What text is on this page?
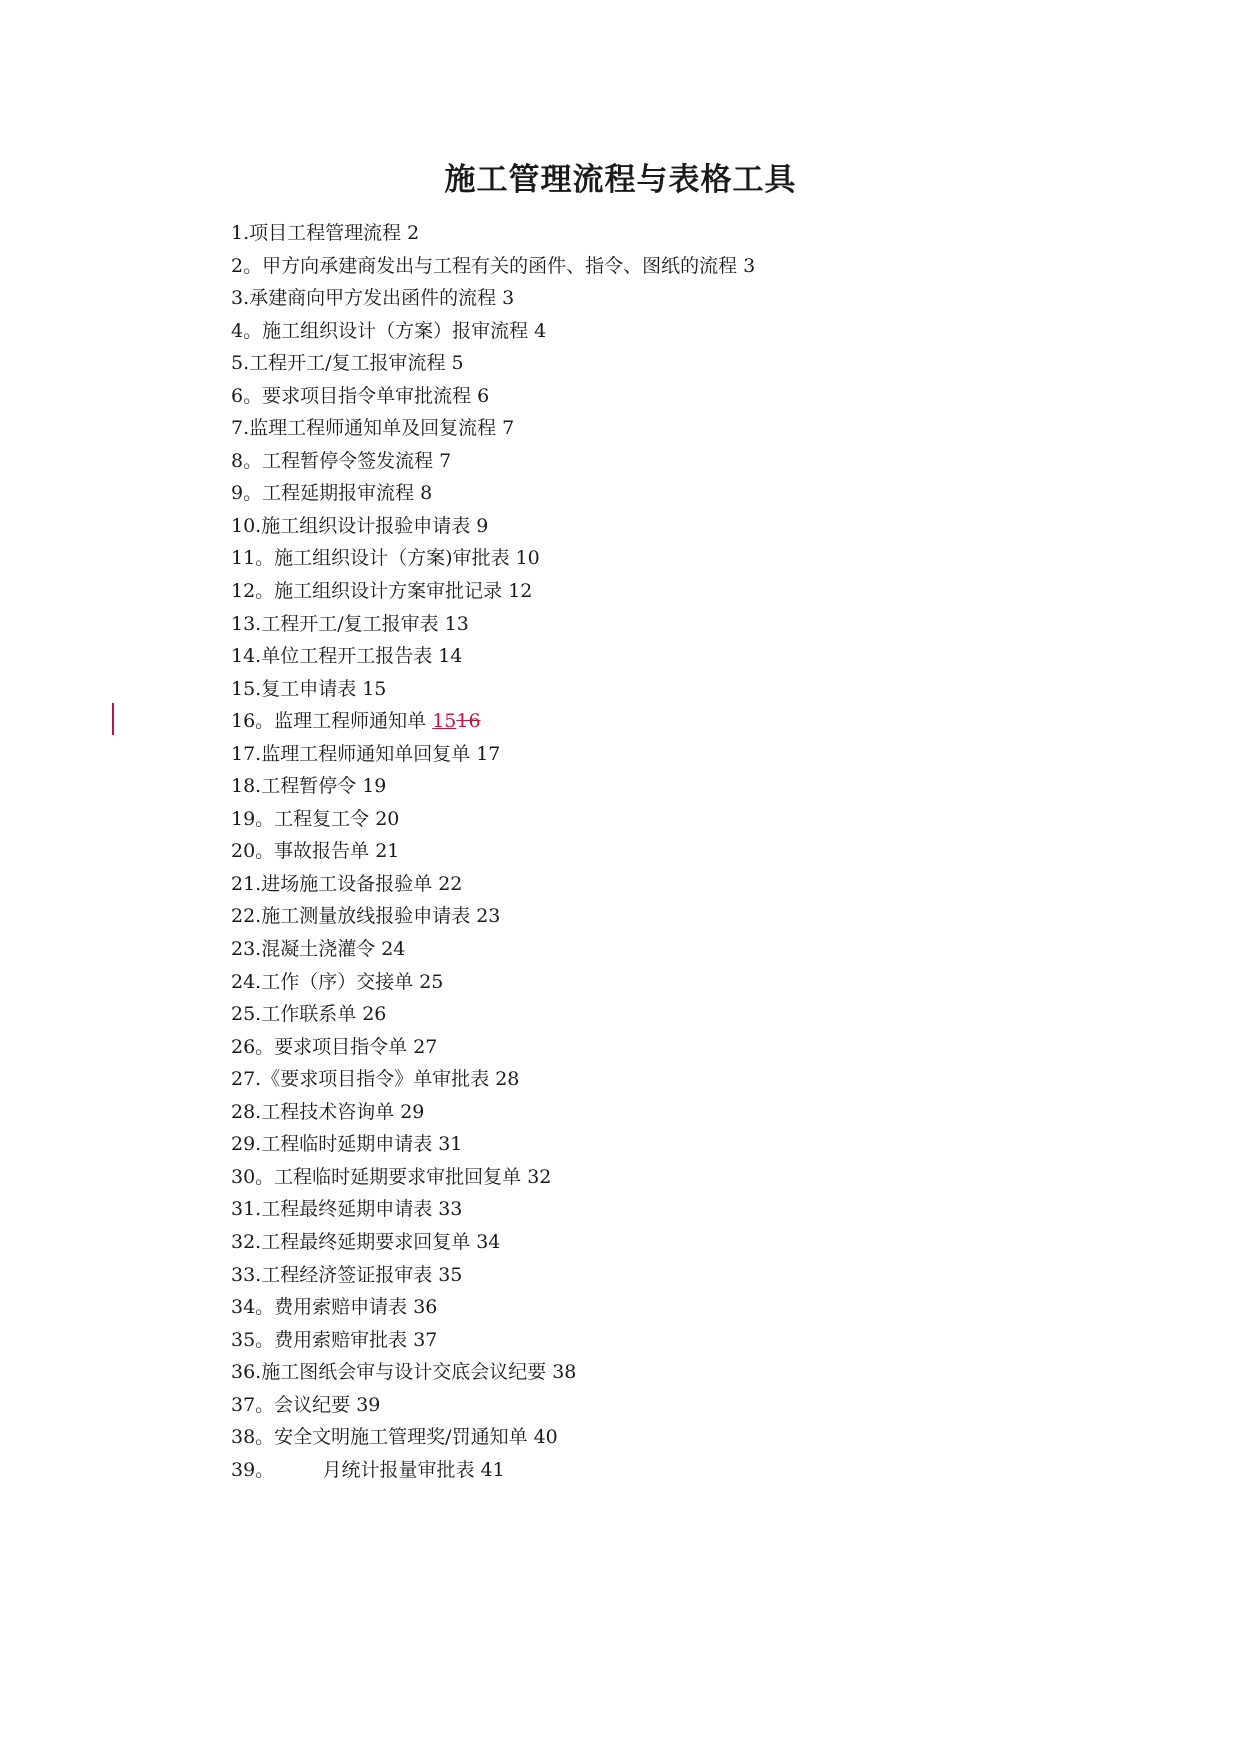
施工管理流程与表格工具
1.项目工程管理流程 2
2。甲方向承建商发出与工程有关的函件、指令、图纸的流程 3
3.承建商向甲方发出函件的流程 3
4。施工组织设计（方案）报审流程 4
5.工程开工/复工报审流程 5
6。要求项目指令单审批流程 6
7.监理工程师通知单及回复流程 7
8。工程暂停令签发流程 7
9。工程延期报审流程 8
10.施工组织设计报验申请表 9
11。施工组织设计（方案)审批表 10
12。施工组织设计方案审批记录 12
13.工程开工/复工报审表 13
14.单位工程开工报告表 14
15.复工申请表 15
16。监理工程师通知单 1516
17.监理工程师通知单回复单 17
18.工程暂停令 19
19。工程复工令 20
20。事故报告单 21
21.进场施工设备报验单 22
22.施工测量放线报验申请表 23
23.混凝土浇灌令 24
24.工作（序）交接单 25
25.工作联系单 26
26。要求项目指令单 27
27.《要求项目指令》单审批表 28
28.工程技术咨询单 29
29.工程临时延期申请表 31
30。工程临时延期要求审批回复单 32
31.工程最终延期申请表 33
32.工程最终延期要求回复单 34
33.工程经济签证报审表 35
34。费用索赔申请表 36
35。费用索赔审批表 37
36.施工图纸会审与设计交底会议纪要 38
37。会议纪要 39
38。安全文明施工管理奖/罚通知单 40
39。        月统计报量审批表 41
